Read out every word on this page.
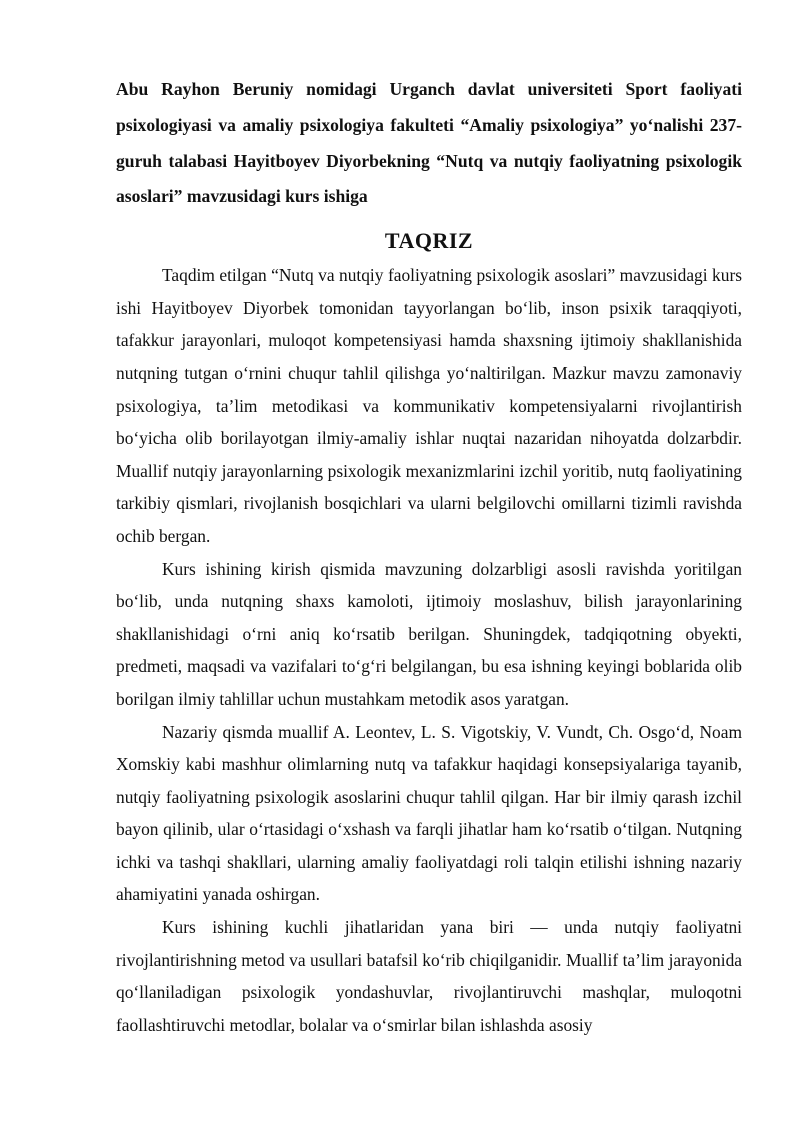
Abu Rayhon Beruniy nomidagi Urganch davlat universiteti Sport faoliyati psixologiyasi va amaliy psixologiya fakulteti “Amaliy psixologiya” yo‘nalishi 237-guruh talabasi Hayitboyev Diyorbekning “Nutq va nutqiy faoliyatning psixologik asoslari” mavzusidagi kurs ishiga

TAQRIZ

Taqdim etilgan “Nutq va nutqiy faoliyatning psixologik asoslari” mavzusidagi kurs ishi Hayitboyev Diyorbek tomonidan tayyorlangan bo‘lib, inson psixik taraqqiyoti, tafakkur jarayonlari, muloqot kompetensiyasi hamda shaxsning ijtimoiy shakllanishida nutqning tutgan o‘rnini chuqur tahlil qilishga yo‘naltirilgan. Mazkur mavzu zamonaviy psixologiya, ta’lim metodikasi va kommunikativ kompetensiyalarni rivojlantirish bo‘yicha olib borilayotgan ilmiy-amaliy ishlar nuqtai nazaridan nihoyatda dolzarbdir. Muallif nutqiy jarayonlarning psixologik mexanizmlarini izchil yoritib, nutq faoliyatining tarkibiy qismlari, rivojlanish bosqichlari va ularni belgilovchi omillarni tizimli ravishda ochib bergan.

Kurs ishining kirish qismida mavzuning dolzarbligi asosli ravishda yoritilgan bo‘lib, unda nutqning shaxs kamoloti, ijtimoiy moslashuv, bilish jarayonlarining shakllanishidagi o‘rni aniq ko‘rsatib berilgan. Shuningdek, tadqiqotning obyekti, predmeti, maqsadi va vazifalari to‘g‘ri belgilangan, bu esa ishning keyingi boblarida olib borilgan ilmiy tahlillar uchun mustahkam metodik asos yaratgan.

Nazariy qismda muallif A. Leontev, L. S. Vigotskiy, V. Vundt, Ch. Osgo‘d, Noam Xomskiy kabi mashhur olimlarning nutq va tafakkur haqidagi konsepsiyalariga tayanib, nutqiy faoliyatning psixologik asoslarini chuqur tahlil qilgan. Har bir ilmiy qarash izchil bayon qilinib, ular o‘rtasidagi o‘xshash va farqli jihatlar ham ko‘rsatib o‘tilgan. Nutqning ichki va tashqi shakllari, ularning amaliy faoliyatdagi roli talqin etilishi ishning nazariy ahamiyatini yanada oshirgan.

Kurs ishining kuchli jihatlaridan yana biri — unda nutqiy faoliyatni rivojlantirishning metod va usullari batafsil ko‘rib chiqilganidir. Muallif ta’lim jarayonida qo‘llaniladigan psixologik yondashuvlar, rivojlantiruvchi mashqlar, muloqotni faollashtiruvchi metodlar, bolalar va o‘smirlar bilan ishlashda asosiy
